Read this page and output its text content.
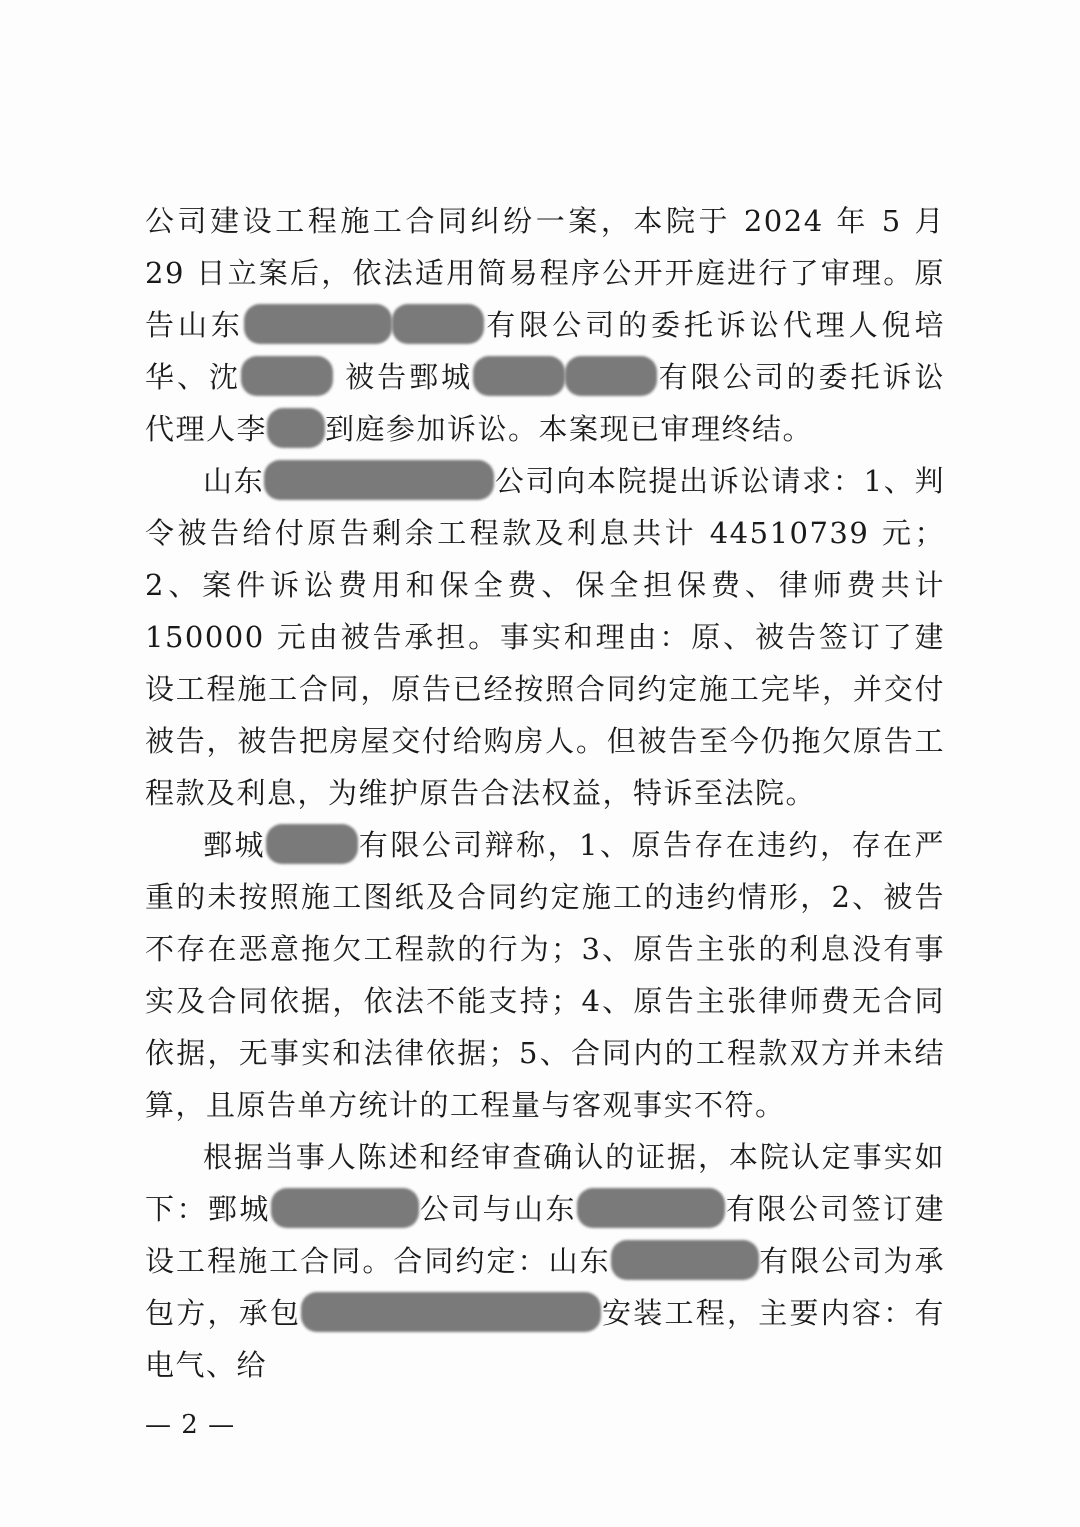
公司建设工程施工合同纠纷一案，本院于 2024 年 5 月 29 日立案后，依法适用简易程序公开开庭进行了审理。原告山东	有限公司的委托诉讼代理人倪培华、沈	被告鄄城	有限公司的委托诉讼代理人李 到庭参加诉讼。本案现已审理终结。

山东	公司向本院提出诉讼请求：1、判令被告给付原告剩余工程款及利息共计 44510739 元；2、案件诉讼费用和保全费、保全担保费、律师费共计 150000 元由被告承担。事实和理由：原、被告签订了建设工程施工合同，原告已经按照合同约定施工完毕，并交付被告，被告把房屋交付给购房人。但被告至今仍拖欠原告工程款及利息，为维护原告合法权益，特诉至法院。

鄄城	有限公司辩称，1、原告存在违约，存在严重的未按照施工图纸及合同约定施工的违约情形，2、被告不存在恶意拖欠工程款的行为；3、原告主张的利息没有事实及合同依据，依法不能支持；4、原告主张律师费无合同依据，无事实和法律依据；5、合同内的工程款双方并未结算，且原告单方统计的工程量与客观事实不符。

根据当事人陈述和经审查确认的证据，本院认定事实如下：鄄城	公司与山东	有限公司签订建设工程施工合同。合同约定：山东	有限公司为承包方，承包	安装工程，主要内容：有电气、给

— 2 —
